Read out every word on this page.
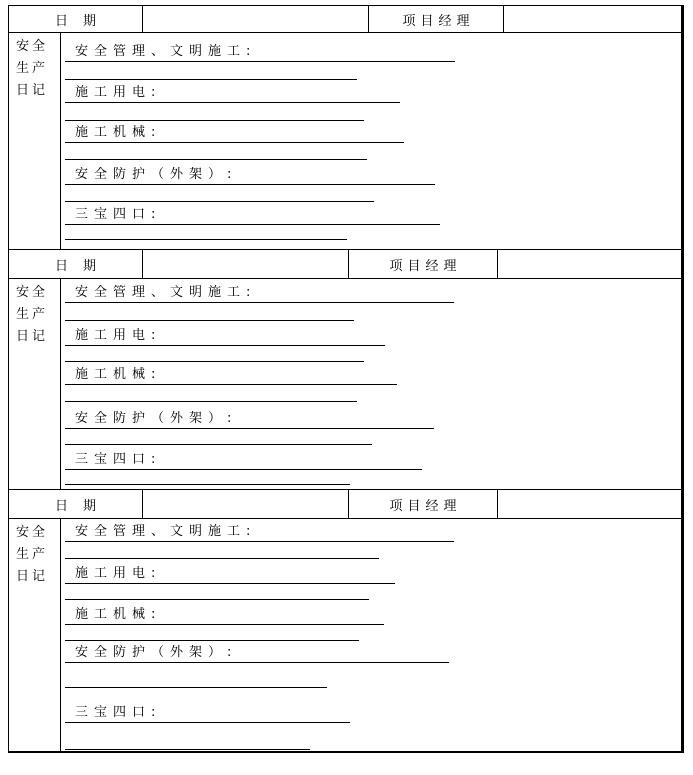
日期	项目经理
安全
生产
日记
安全管理、文明施工:
施工用电:
施工机械:
安全防护（外架）:
三宝四口:
日期	项目经理
安全
生产
日记
安全管理、文明施工:
施工用电:
施工机械:
安全防护（外架）:
三宝四口:
日期	项目经理
安全
生产
日记
安全管理、文明施工:
施工用电:
施工机械:
安全防护（外架）:
三宝四口:
